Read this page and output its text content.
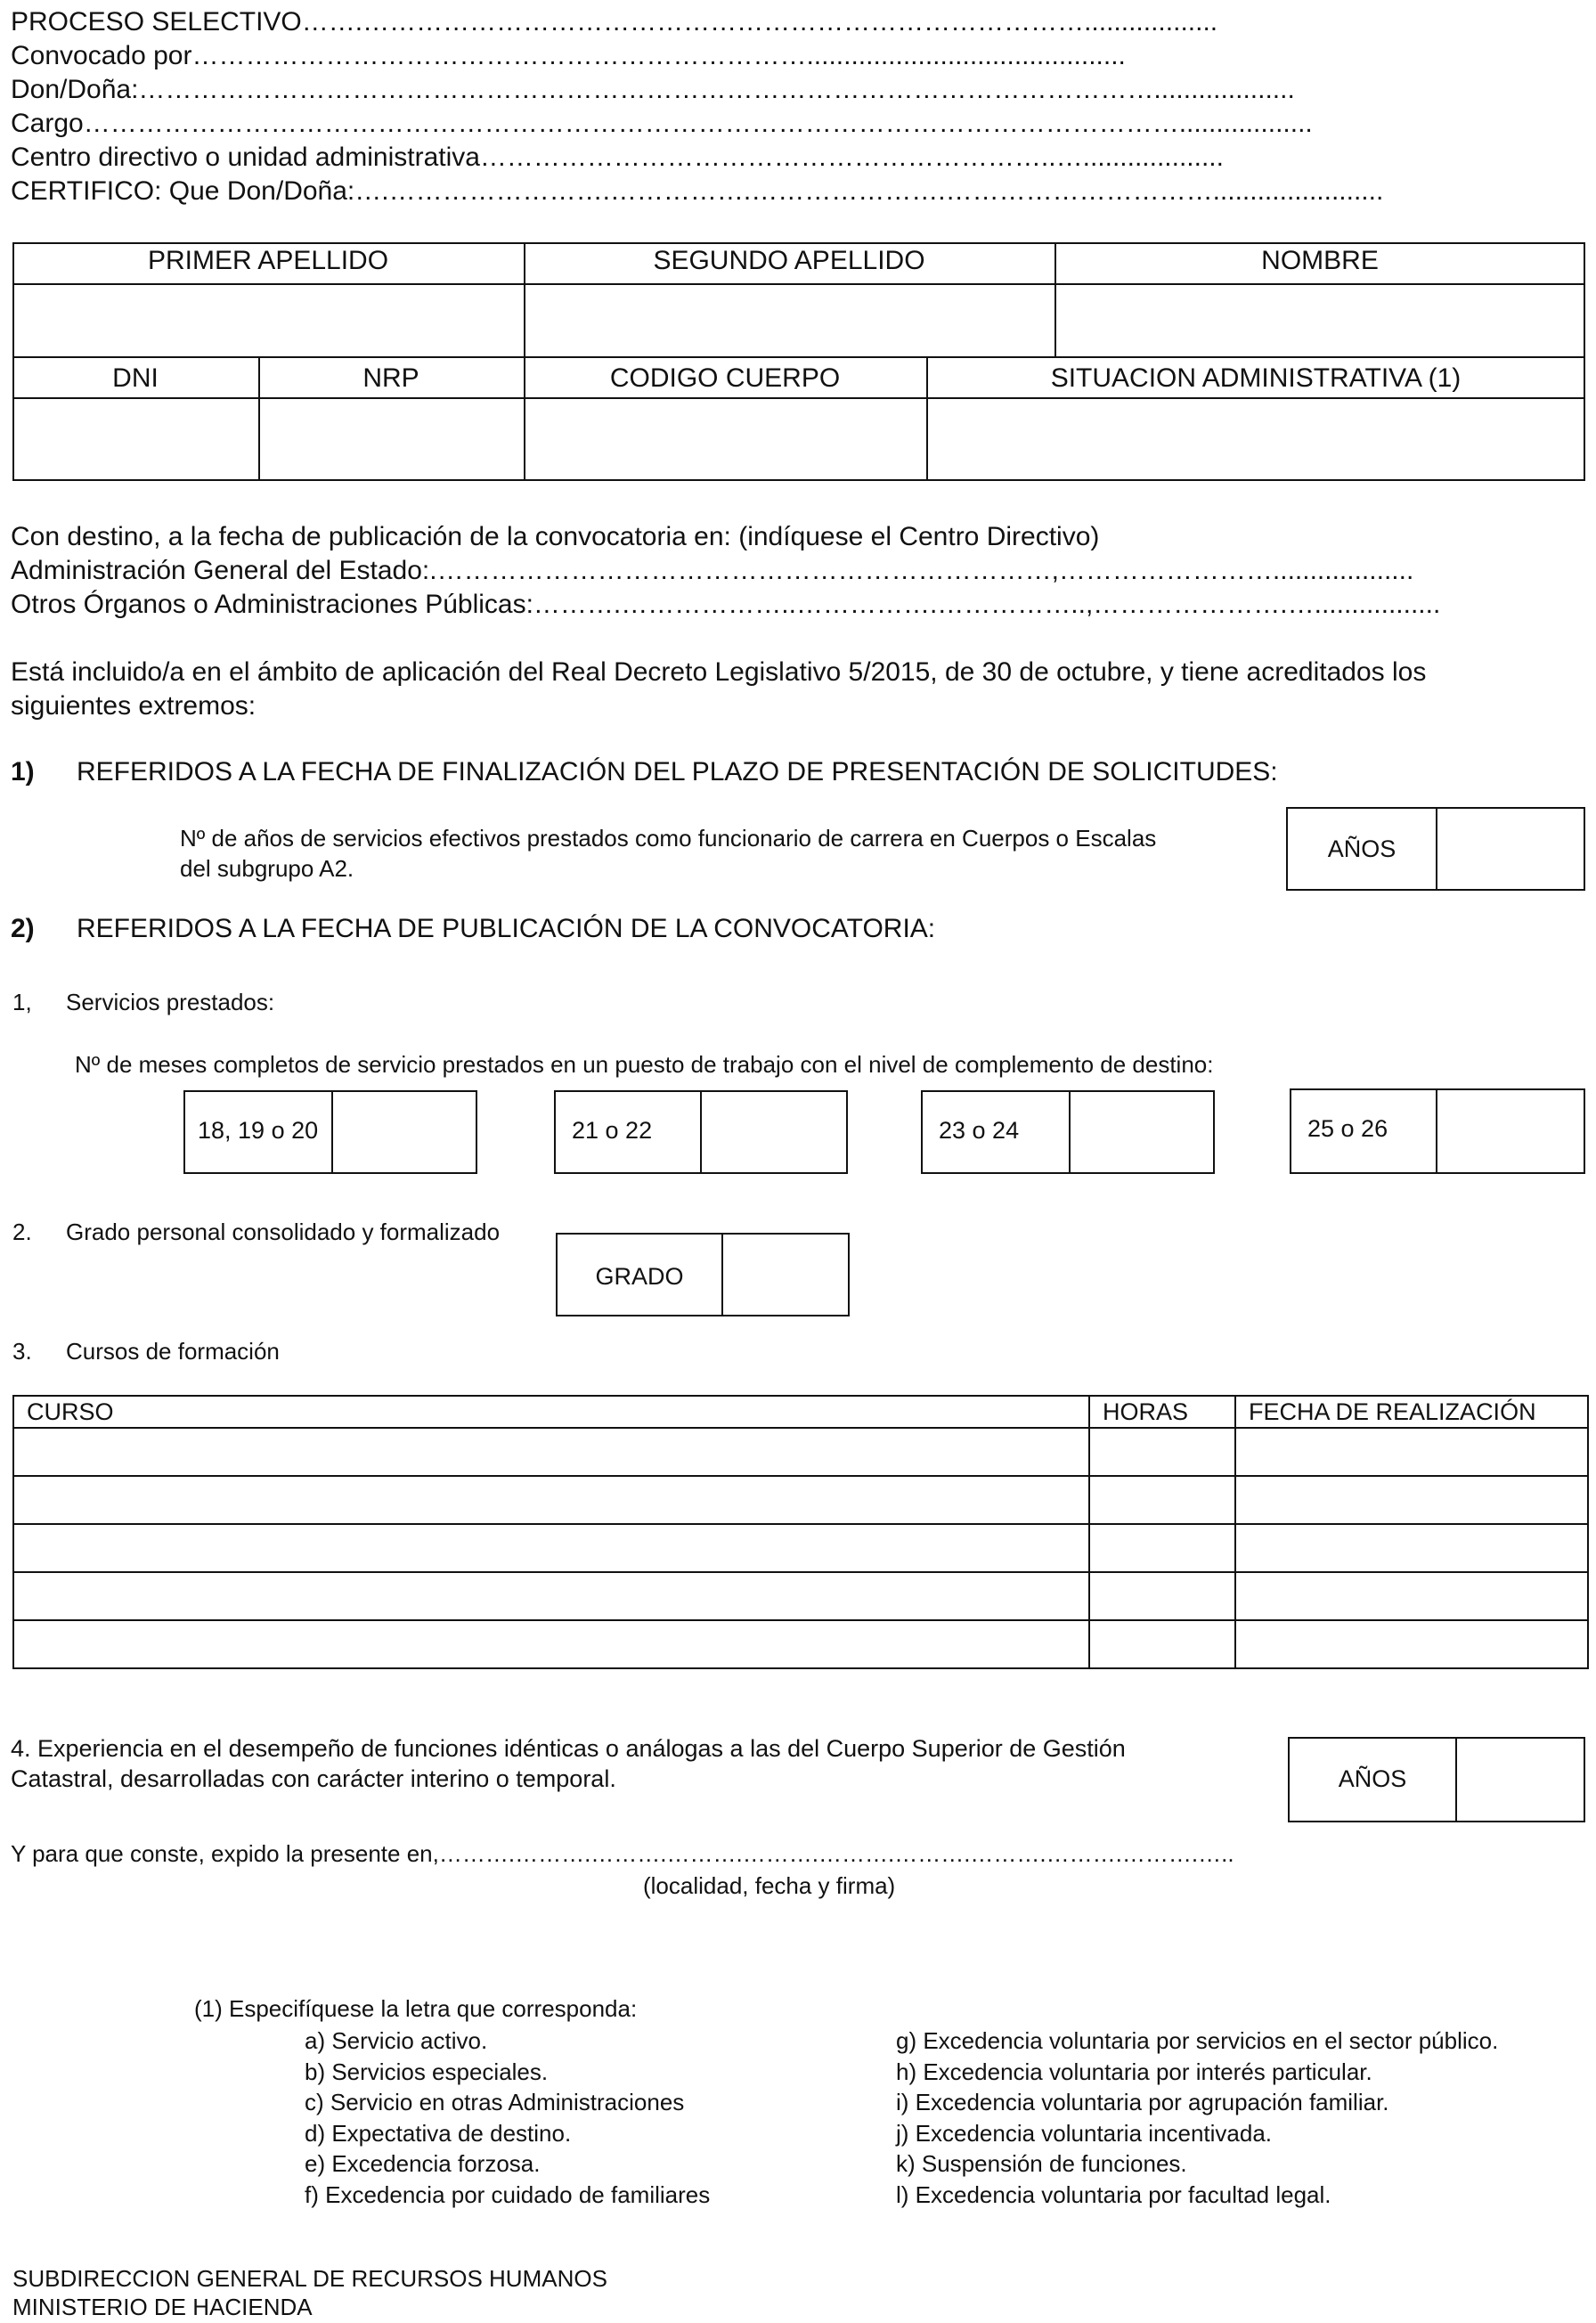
PROCESO SELECTIVO…….………………………………………………………………………..................
Convocado por……………………………………………………………...........................................
Don/Doña:……………………………………………………………………………………………………...................
Cargo……………………………………………………………………………………………………………..................
Centro directivo o unidad administrativa………………………………………………………..…...................
CERTIFICO: Que Don/Doña:….…………………….…………….………………….………………………….......................
PRIMER APELLIDO	SEGUNDO APELLIDO	NOMBRE
DNI	NRP	CODIGO CUERPO	SITUACION ADMINISTRATIVA (1)
Con destino, a la fecha de publicación de la convocatoria en: (indíquese el Centro Directivo)
Administración General del Estado:.……………………………………………………………,……………………...................
Otros Órganos o Administraciones Públicas:……….………………..…………….……………..,………………….….................
Está incluido/a en el ámbito de aplicación del Real Decreto Legislativo 5/2015, de 30 de octubre, y tiene acreditados los
siguientes extremos:
1) REFERIDOS A LA FECHA DE FINALIZACIÓN DEL PLAZO DE PRESENTACIÓN DE SOLICITUDES:
Nº de años de servicios efectivos prestados como funcionario de carrera en Cuerpos o Escalas
del subgrupo A2.
AÑOS
2) REFERIDOS A LA FECHA DE PUBLICACIÓN DE LA CONVOCATORIA:
1, Servicios prestados:
Nº de meses completos de servicio prestados en un puesto de trabajo con el nivel de complemento de destino:
18, 19 o 20	21 o 22	23 o 24	25 o 26
2. Grado personal consolidado y formalizado
GRADO
3. Cursos de formación
CURSO	HORAS	FECHA DE REALIZACIÓN

4. Experiencia en el desempeño de funciones idénticas o análogas a las del Cuerpo Superior de Gestión
Catastral, desarrolladas con carácter interino o temporal.	AÑOS
Y para que conste, expido la presente en,……….……….……….……….……….……….……….……….……….……….…..
(localidad, fecha y firma)
(1) Especifíquese la letra que corresponda:
a) Servicio activo.
b) Servicios especiales.
c) Servicio en otras Administraciones
d) Expectativa de destino.
e) Excedencia forzosa.
f) Excedencia por cuidado de familiares
g) Excedencia voluntaria por servicios en el sector público.
h) Excedencia voluntaria por interés particular.
i) Excedencia voluntaria por agrupación familiar.
j) Excedencia voluntaria incentivada.
k) Suspensión de funciones.
l) Excedencia voluntaria por facultad legal.
SUBDIRECCION GENERAL DE RECURSOS HUMANOS
MINISTERIO DE HACIENDA
